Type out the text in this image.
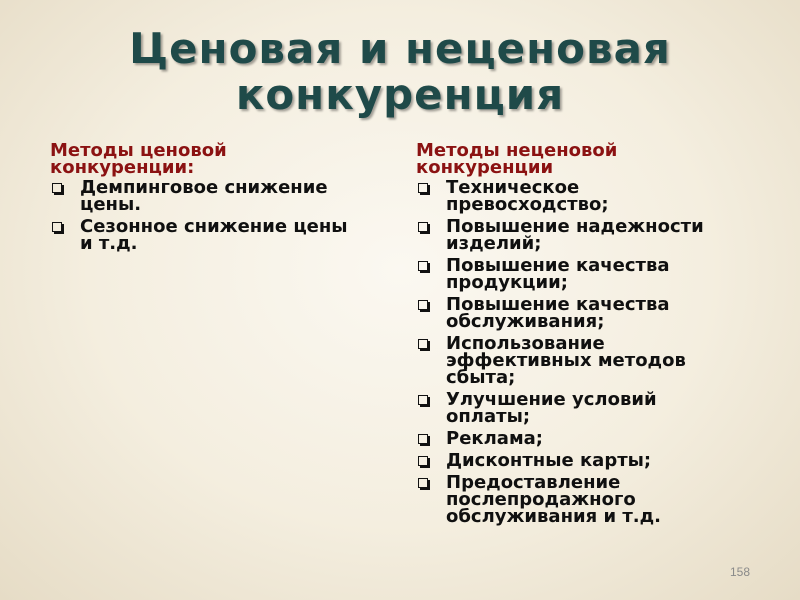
Ценовая и неценовая
конкуренция
Методы ценовой
конкуренции:
Демпинговое снижение
цены.
Сезонное снижение цены
и т.д.
Методы неценовой
конкуренции
Техническое
превосходство;
Повышение надежности
изделий;
Повышение качества
продукции;
Повышение качества
обслуживания;
Использование
эффективных методов
сбыта;
Улучшение условий
оплаты;
Реклама;
Дисконтные карты;
Предоставление
послепродажного
обслуживания и т.д.
158
